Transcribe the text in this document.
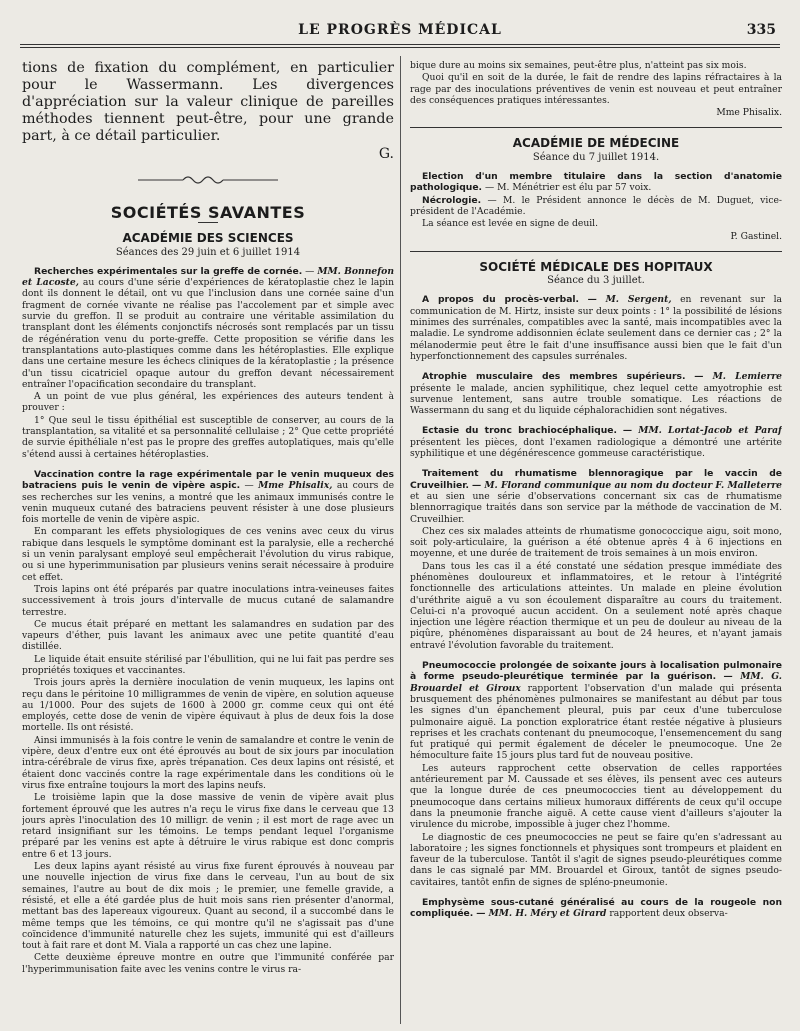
LE PROGRÈS MÉDICAL	335

tions de fixation du complément, en particulier pour le Wassermann. Les divergences d'appréciation sur la valeur clinique de pareilles méthodes tiennent peut-être, pour une grande part, à ce détail particulier.

G.
SOCIÉTÉS SAVANTES
ACADÉMIE DES SCIENCES
Séances des 29 juin et 6 juillet 1914

Recherches expérimentales sur la greffe de cornée. — MM. Bonnefon et Lacoste, au cours d'une série d'expériences de kératoplastie chez le lapin dont ils donnent le détail, ont vu que l'inclusion dans une cornée saine d'un fragment de cornée vivante ne réalise pas l'accolement par et simple avec survie du greffon. Il se produit au contraire une véritable assimilation du transplant dont les éléments conjonctifs nécrosés sont remplacés par un tissu de régénération venu du porte-greffe. Cette proposition se vérifie dans les transplantations auto-plastiques comme dans les hétéroplasties. Elle explique dans une certaine mesure les échecs cliniques de la kératoplastie ; la présence d'un tissu cicatriciel opaque autour du greffon devant nécessairement entraîner l'opacification secondaire du transplant.

A un point de vue plus général, les expériences des auteurs tendent à prouver :

1° Que seul le tissu épithélial est susceptible de conserver, au cours de la transplantation, sa vitalité et sa personnalité cellulaise ; 2° Que cette propriété de survie épithéliale n'est pas le propre des greffes autoplatiques, mais qu'elle s'étend aussi à certaines hétéroplasties.

Vaccination contre la rage expérimentale par le venin muqueux des batraciens puis le venin de vipère aspic. — Mme Phisalix, au cours de ses recherches sur les venins, a montré que les animaux immunisés contre le venin muqueux cutané des batraciens peuvent résister à une dose plusieurs fois mortelle de venin de vipère aspic.

En comparant les effets physiologiques de ces venins avec ceux du virus rabique dans lesquels le symptôme dominant est la paralysie, elle a recherché si un venin paralysant employé seul empêcherait l'évolution du virus rabique, ou si une hyperimmunisation par plusieurs venins serait nécessaire à produire cet effet.

Trois lapins ont été préparés par quatre inoculations intra-veineuses faites successivement à trois jours d'intervalle de mucus cutané de salamandre terrestre.

Ce mucus était préparé en mettant les salamandres en sudation par des vapeurs d'éther, puis lavant les animaux avec une petite quantité d'eau distillée.

Le liquide était ensuite stérilisé par l'ébullition, qui ne lui fait pas perdre ses propriétés toxiques et vaccinantes.

Trois jours après la dernière inoculation de venin muqueux, les lapins ont reçu dans le péritoine 10 milligrammes de venin de vipère, en solution aqueuse au 1/1000. Pour des sujets de 1600 à 2000 gr. comme ceux qui ont été employés, cette dose de venin de vipère équivaut à plus de deux fois la dose mortelle. Ils ont résisté.

Ainsi immunisés à la fois contre le venin de samalandre et contre le venin de vipère, deux d'entre eux ont été éprouvés au bout de six jours par inoculation intra-cérébrale de virus fixe, après trépanation. Ces deux lapins ont résisté, et étaient donc vaccinés contre la rage expérimentale dans les conditions où le virus fixe entraîne toujours la mort des lapins neufs.

Le troisième lapin que la dose massive de venin de vipère avait plus fortement éprouvé que les autres n'a reçu le virus fixe dans le cerveau que 13 jours après l'inoculation des 10 milligr. de venin ; il est mort de rage avec un retard insignifiant sur les témoins. Le temps pendant lequel l'organisme préparé par les venins est apte à détruire le virus rabique est donc compris entre 6 et 13 jours.

Les deux lapins ayant résisté au virus fixe furent éprouvés à nouveau par une nouvelle injection de virus fixe dans le cerveau, l'un au bout de six semaines, l'autre au bout de dix mois ; le premier, une femelle gravide, a résisté, et elle a été gardée plus de huit mois sans rien présenter d'anormal, mettant bas des lapereaux vigoureux. Quant au second, il a succombé dans le même temps que les témoins, ce qui montre qu'il ne s'agissait pas d'une coïncidence d'immunité naturelle chez les sujets, immunité qui est d'ailleurs tout à fait rare et dont M. Viala a rapporté un cas chez une lapine.

Cette deuxième épreuve montre en outre que l'immunité conférée par l'hyperimmunisation faite avec les venins contre le virus ra-

bique dure au moins six semaines, peut-être plus, n'atteint pas six mois.

Quoi qu'il en soit de la durée, le fait de rendre des lapins réfractaires à la rage par des inoculations préventives de venin est nouveau et peut entraîner des conséquences pratiques intéressantes.

Mme Phisalix.
ACADÉMIE DE MÉDECINE
Séance du 7 juillet 1914.

Election d'un membre titulaire dans la section d'anatomie pathologique. — M. Ménétrier est élu par 57 voix.

Nécrologie. — M. le Président annonce le décès de M. Duguet, vice-président de l'Académie.

La séance est levée en signe de deuil.

P. Gastinel.
SOCIÉTÉ MÉDICALE DES HOPITAUX
Séance du 3 juillet.

A propos du procès-verbal. — M. Sergent, en revenant sur la communication de M. Hirtz, insiste sur deux points : 1° la possibilité de lésions minimes des surrénales, compatibles avec la santé, mais incompatibles avec la maladie. Le syndrome addisonnien éclate seulement dans ce dernier cas ; 2° la mélanodermie peut être le fait d'une insuffisance aussi bien que le fait d'un hyperfonctionnement des capsules surrénales.

Atrophie musculaire des membres supérieurs. — M. Lemierre présente le malade, ancien syphilitique, chez lequel cette amyotrophie est survenue lentement, sans autre trouble somatique. Les réactions de Wassermann du sang et du liquide céphalorachidien sont négatives.

Ectasie du tronc brachiocéphalique. — MM. Lortat-Jacob et Paraf présentent les pièces, dont l'examen radiologique a démontré une artérite syphilitique et une dégénérescence gommeuse caractéristique.

Traitement du rhumatisme blennoragique par le vaccin de Cruveilhier. — M. Florand communique au nom du docteur F. Malleterre et au sien une série d'observations concernant six cas de rhumatisme blennorragique traités dans son service par la méthode de vaccination de M. Cruveilhier.

Chez ces six malades atteints de rhumatisme gonococcique aigu, soit mono, soit poly-articulaire, la guérison a été obtenue après 4 à 6 injections en moyenne, et une durée de traitement de trois semaines à un mois environ.

Dans tous les cas il a été constaté une sédation presque immédiate des phénomènes douloureux et inflammatoires, et le retour à l'intégrité fonctionnelle des articulations atteintes. Un malade en pleine évolution d'uréthrite aiguë a vu son écoulement disparaître au cours du traitement. Celui-ci n'a provoqué aucun accident. On a seulement noté après chaque injection une légère réaction thermique et un peu de douleur au niveau de la piqûre, phénomènes disparaissant au bout de 24 heures, et n'ayant jamais entravé l'évolution favorable du traitement.

Pneumococcie prolongée de soixante jours à localisation pulmonaire à forme pseudo-pleurétique terminée par la guérison. — MM. G. Brouardel et Giroux rapportent l'observation d'un malade qui présenta brusquement des phénomènes pulmonaires se manifestant au début par tous les signes d'un épanchement pleural, puis par ceux d'une tuberculose pulmonaire aiguë. La ponction exploratrice étant restée négative à plusieurs reprises et les crachats contenant du pneumocoque, l'ensemencement du sang fut pratiqué qui permit également de déceler le pneumocoque. Une 2e hémoculture faite 15 jours plus tard fut de nouveau positive.

Les auteurs rapprochent cette observation de celles rapportées antérieurement par M. Caussade et ses élèves, ils pensent avec ces auteurs que la longue durée de ces pneumococcies tient au développement du pneumocoque dans certains milieux humoraux différents de ceux qu'il occupe dans la pneumonie franche aiguë. A cette cause vient d'ailleurs s'ajouter la virulence du microbe, impossible à juger chez l'homme.

Le diagnostic de ces pneumococcies ne peut se faire qu'en s'adressant au laboratoire ; les signes fonctionnels et physiques sont trompeurs et plaident en faveur de la tuberculose. Tantôt il s'agit de signes pseudo-pleurétiques comme dans le cas signalé par MM. Brouardel et Giroux, tantôt de signes pseudo-cavitaires, tantôt enfin de signes de spléno-pneumonie.

Emphysème sous-cutané généralisé au cours de la rougeole non compliquée. — MM. H. Méry et Girard rapportent deux observa-
